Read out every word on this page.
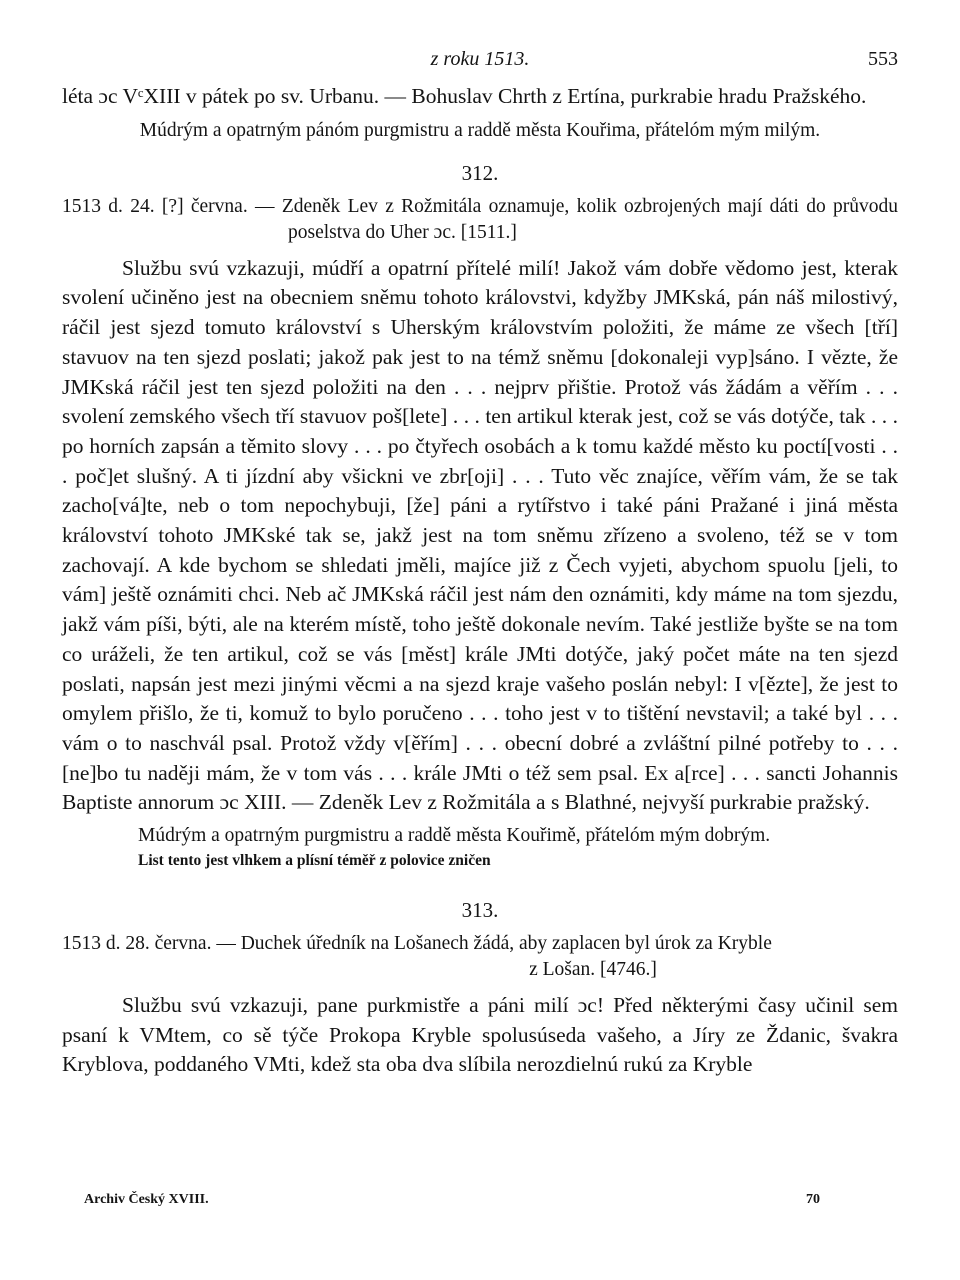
z roku 1513.	553

léta ɔc VᶜXIII v pátek po sv. Urbanu. — Bohuslav Chrth z Ertína, purkrabie hradu Pražského.

Múdrým a opatrným pánóm purgmistru a raddě města Kouřima, přátelóm mým milým.

312.

1513 d. 24. [?] června. — Zdeněk Lev z Rožmitála oznamuje, kolik ozbrojených mají dáti do průvodu poselstva do Uher ɔc. [1511.]

Službu svú vzkazuji, múdří a opatrní přítelé milí! Jakož vám dobře vědomo jest, kterak svolení učiněno jest na obecniem sněmu tohoto královstvi, kdyžby JMKská, pán náš milostivý, ráčil jest sjezd tomuto království s Uherským královstvím položiti, že máme ze všech [tří] stavuov na ten sjezd poslati; jakož pak jest to na témž sněmu [dokonaleji vyp]sáno. I vězte, že JMKská ráčil jest ten sjezd položiti na den . . . nejprv přištie. Protož vás žádám a věřím . . . svolení zemského všech tří stavuov poš[lete] . . . ten artikul kterak jest, což se vás dotýče, tak . . . po horních zapsán a těmito slovy . . . po čtyřech osobách a k tomu každé město ku poctí[vosti . . . poč]et slušný. A ti jízdní aby všickni ve zbr[oji] . . . Tuto věc znajíce, věřím vám, že se tak zacho[vá]te, neb o tom nepochybuji, [že] páni a rytířstvo i také páni Pražané i jiná města království tohoto JMKské tak se, jakž jest na tom sněmu zřízeno a svoleno, též se v tom zachovají. A kde bychom se shledati jměli, majíce již z Čech vyjeti, abychom spuolu [jeli, to vám] ještě oznámiti chci. Neb ač JMKská ráčil jest nám den oznámiti, kdy máme na tom sjezdu, jakž vám píši, býti, ale na kterém místě, toho ještě dokonale nevím. Také jestliže byšte se na tom co uráželi, že ten artikul, což se vás [měst] krále JMti dotýče, jaký počet máte na ten sjezd poslati, napsán jest mezi jinými věcmi a na sjezd kraje vašeho poslán nebyl: I v[ězte], že jest to omylem přišlo, že ti, komuž to bylo poručeno . . . toho jest v to tištění nevstavil; a také byl . . . vám o to naschvál psal. Protož vždy v[ěřím] . . . obecní dobré a zvláštní pilné potřeby to . . . [ne]bo tu naději mám, že v tom vás . . . krále JMti o též sem psal. Ex a[rce] . . . sancti Johannis Baptiste annorum ɔc XIII. — Zdeněk Lev z Rožmitála a s Blathné, nejvyší purkrabie pražský.

Múdrým a opatrným purgmistru a raddě města Kouřimě, přátelóm mým dobrým.

List tento jest vlhkem a plísní téměř z polovice zničen

313.

1513 d. 28. června. — Duchek úředník na Lošanech žádá, aby zaplacen byl úrok za Kryble
z Lošan. [4746.]

Službu svú vzkazuji, pane purkmistře a páni milí ɔc! Před některými časy učinil sem psaní k VMtem, co sě týče Prokopa Kryble spolusúseda vašeho, a Jíry ze Ždanic, švakra Kryblova, poddaného VMti, kdež sta oba dva slíbila nerozdielnú rukú za Kryble

Archiv Český XVIII.	70
